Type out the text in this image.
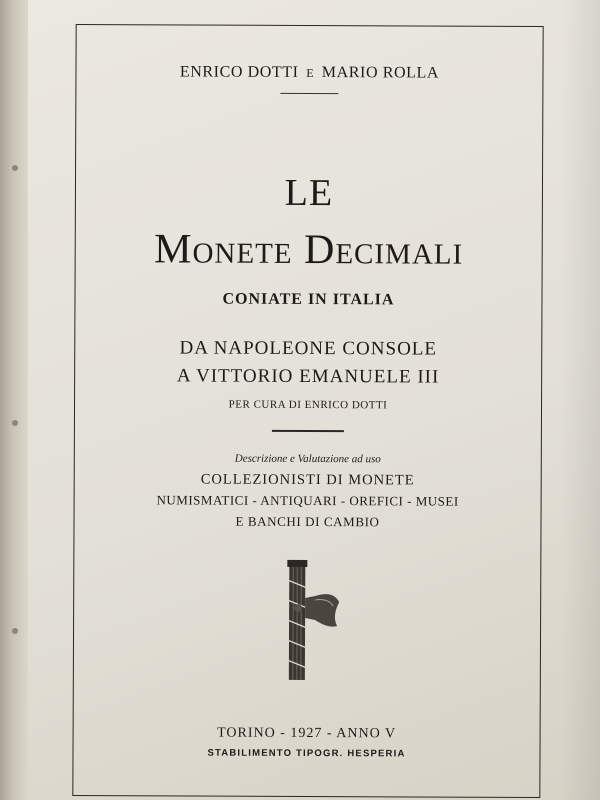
ENRICO DOTTI E MARIO ROLLA
LE
Monete Decimali
CONIATE IN ITALIA
DA NAPOLEONE CONSOLE
A VITTORIO EMANUELE III
PER CURA DI ENRICO DOTTI
Descrizione e Valutazione ad uso
COLLEZIONISTI DI MONETE
NUMISMATICI - ANTIQUARI - OREFICI - MUSEI
E BANCHI DI CAMBIO
TORINO - 1927 - ANNO V
STABILIMENTO TIPOGR. HESPERIA
